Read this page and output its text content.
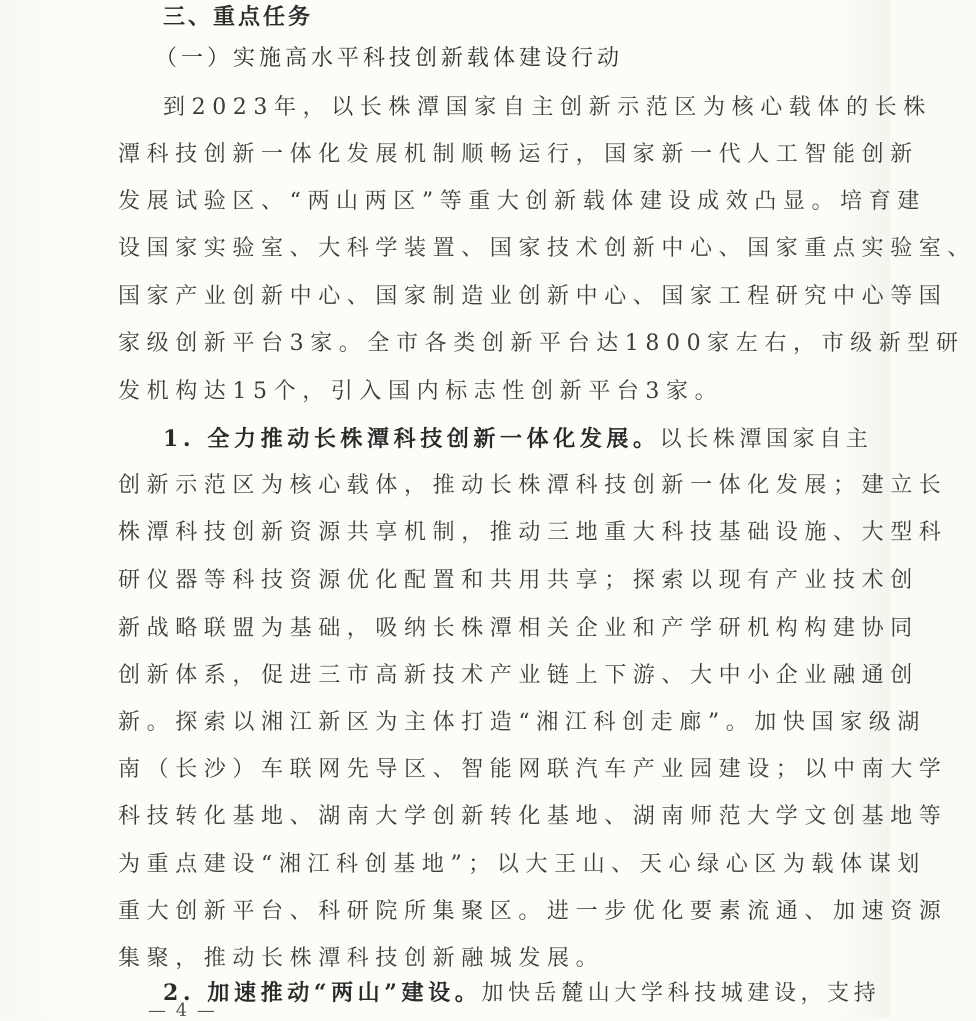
三、重点任务
（一）实施高水平科技创新载体建设行动
到2023年，以长株潭国家自主创新示范区为核心载体的长株
潭科技创新一体化发展机制顺畅运行，国家新一代人工智能创新
发展试验区、“两山两区”等重大创新载体建设成效凸显。培育建
设国家实验室、大科学装置、国家技术创新中心、国家重点实验室、
国家产业创新中心、国家制造业创新中心、国家工程研究中心等国
家级创新平台3家。全市各类创新平台达1800家左右，市级新型研
发机构达15个，引入国内标志性创新平台3家。
1. 全力推动长株潭科技创新一体化发展。以长株潭国家自主
创新示范区为核心载体，推动长株潭科技创新一体化发展；建立长
株潭科技创新资源共享机制，推动三地重大科技基础设施、大型科
研仪器等科技资源优化配置和共用共享；探索以现有产业技术创
新战略联盟为基础，吸纳长株潭相关企业和产学研机构构建协同
创新体系，促进三市高新技术产业链上下游、大中小企业融通创
新。探索以湘江新区为主体打造“湘江科创走廊”。加快国家级湖
南（长沙）车联网先导区、智能网联汽车产业园建设；以中南大学
科技转化基地、湖南大学创新转化基地、湖南师范大学文创基地等
为重点建设“湘江科创基地”；以大王山、天心绿心区为载体谋划
重大创新平台、科研院所集聚区。进一步优化要素流通、加速资源
集聚，推动长株潭科技创新融城发展。
2. 加速推动“两山”建设。加快岳麓山大学科技城建设，支持
— 4 —
